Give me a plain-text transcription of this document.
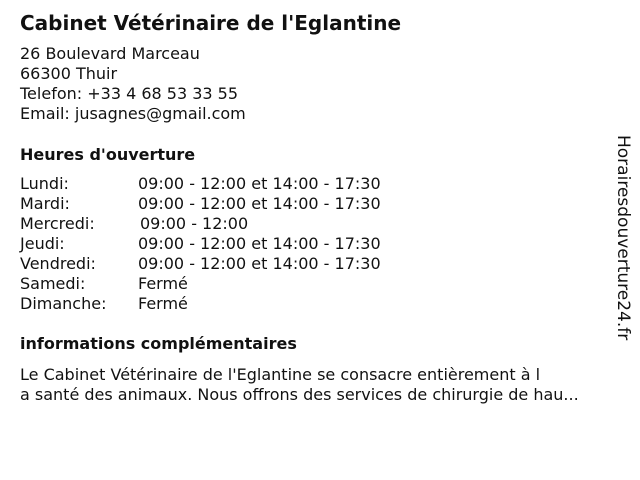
Cabinet Vétérinaire de l'Eglantine
26 Boulevard Marceau
66300 Thuir
Telefon: +33 4 68 53 33 55
Email: jusagnes@gmail.com
Heures d'ouverture
Lundi:	09:00 - 12:00 et 14:00 - 17:30
Mardi:	09:00 - 12:00 et 14:00 - 17:30
Mercredi:	09:00 - 12:00
Jeudi:	09:00 - 12:00 et 14:00 - 17:30
Vendredi:	09:00 - 12:00 et 14:00 - 17:30
Samedi:	Fermé
Dimanche: Fermé
informations complémentaires
Le Cabinet Vétérinaire de l'Eglantine se consacre entièrement à l
a santé des animaux. Nous offrons des services de chirurgie de hau...
Horairesdouverture24.fr
